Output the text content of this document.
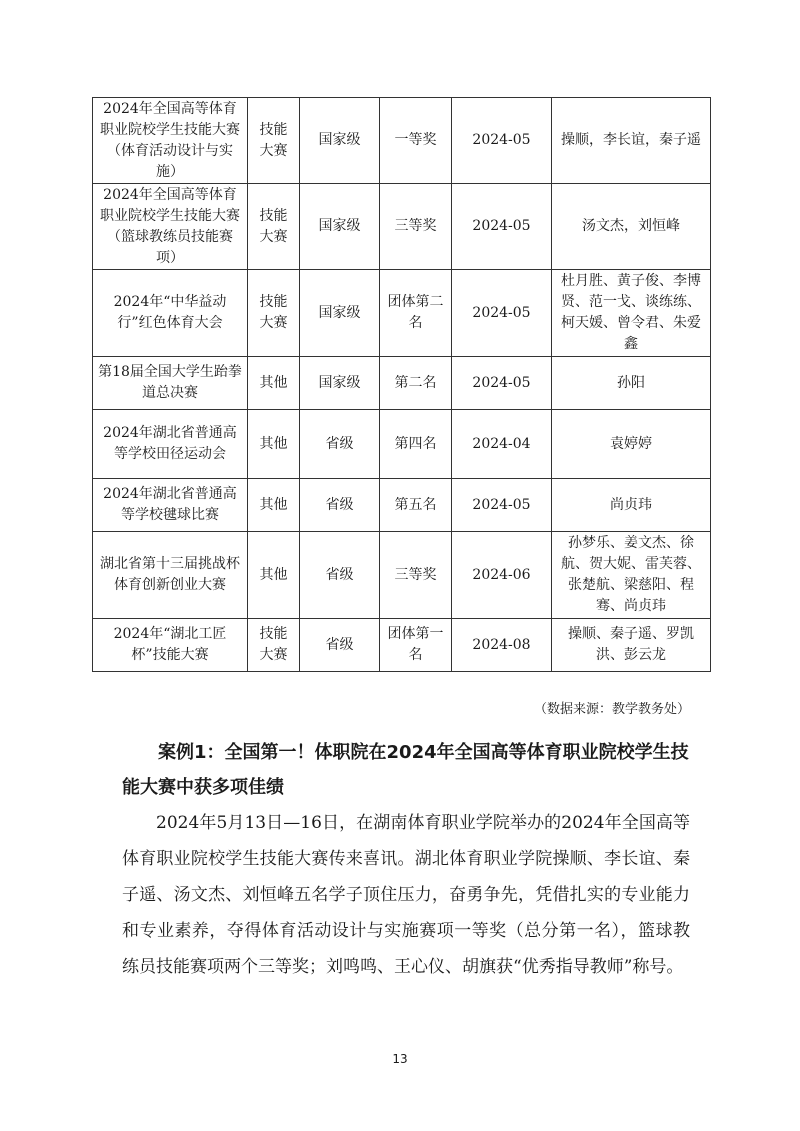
2024年全国高等体育职业院校学生技能大赛（体育活动设计与实施）	技能大赛	国家级	一等奖	2024-05	操顺，李长谊，秦子遥
2024年全国高等体育职业院校学生技能大赛（篮球教练员技能赛项）	技能大赛	国家级	三等奖	2024-05	汤文杰，刘恒峰
2024年“中华益动行”红色体育大会	技能大赛	国家级	团体第二名	2024-05	杜月胜、黄子俊、李博贤、范一戈、谈练练、柯天媛、曾令君、朱爱鑫
第18届全国大学生跆拳道总决赛	其他	国家级	第二名	2024-05	孙阳
2024年湖北省普通高等学校田径运动会	其他	省级	第四名	2024-04	袁婷婷
2024年湖北省普通高等学校毽球比赛	其他	省级	第五名	2024-05	尚贞玮
湖北省第十三届挑战杯体育创新创业大赛	其他	省级	三等奖	2024-06	孙梦乐、姜文杰、徐航、贺大妮、雷芙蓉、张楚航、梁慈阳、程骞、尚贞玮
2024年“湖北工匠杯”技能大赛	技能大赛	省级	团体第一名	2024-08	操顺、秦子遥、罗凯洪、彭云龙
（数据来源：教学教务处）
案例1：全国第一！体职院在2024年全国高等体育职业院校学生技能大赛中获多项佳绩
2024年5月13日—16日，在湖南体育职业学院举办的2024年全国高等体育职业院校学生技能大赛传来喜讯。湖北体育职业学院操顺、李长谊、秦子遥、汤文杰、刘恒峰五名学子顶住压力，奋勇争先，凭借扎实的专业能力和专业素养，夺得体育活动设计与实施赛项一等奖（总分第一名），篮球教练员技能赛项两个三等奖；刘鸣鸣、王心仪、胡旗获“优秀指导教师”称号。
13
